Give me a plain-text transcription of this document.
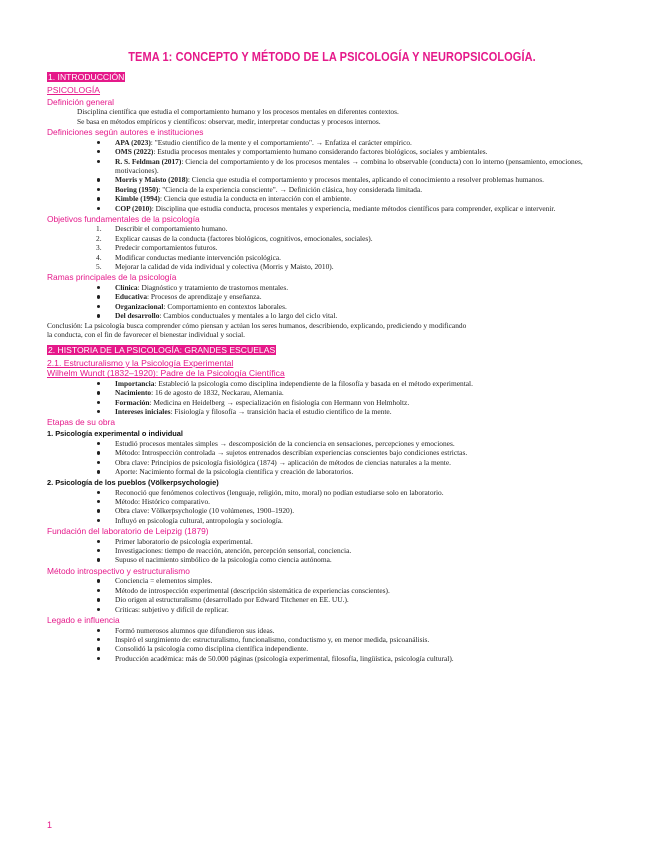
TEMA 1: CONCEPTO Y MÉTODO DE LA PSICOLOGÍA Y NEUROPSICOLOGÍA.
1. INTRODUCCIÓN
PSICOLOGÍA
Definición general
Disciplina científica que estudia el comportamiento humano y los procesos mentales en diferentes contextos.
Se basa en métodos empíricos y científicos: observar, medir, interpretar conductas y procesos internos.
Definiciones según autores e instituciones
APA (2023): "Estudio científico de la mente y el comportamiento". → Enfatiza el carácter empírico.
OMS (2022): Estudia procesos mentales y comportamiento humano considerando factores biológicos, sociales y ambientales.
R. S. Feldman (2017): Ciencia del comportamiento y de los procesos mentales → combina lo observable (conducta) con lo interno (pensamiento, emociones, motivaciones).
Morris y Maisto (2018): Ciencia que estudia el comportamiento y procesos mentales, aplicando el conocimiento a resolver problemas humanos.
Boring (1950): "Ciencia de la experiencia consciente". → Definición clásica, hoy considerada limitada.
Kimble (1994): Ciencia que estudia la conducta en interacción con el ambiente.
COP (2010): Disciplina que estudia conducta, procesos mentales y experiencia, mediante métodos científicos para comprender, explicar e intervenir.
Objetivos fundamentales de la psicología
1. Describir el comportamiento humano.
2. Explicar causas de la conducta (factores biológicos, cognitivos, emocionales, sociales).
3. Predecir comportamientos futuros.
4. Modificar conductas mediante intervención psicológica.
5. Mejorar la calidad de vida individual y colectiva (Morris y Maisto, 2010).
Ramas principales de la psicología
Clínica: Diagnóstico y tratamiento de trastornos mentales.
Educativa: Procesos de aprendizaje y enseñanza.
Organizacional: Comportamiento en contextos laborales.
Del desarrollo: Cambios conductuales y mentales a lo largo del ciclo vital.
Conclusión: La psicología busca comprender cómo piensan y actúan los seres humanos, describiendo, explicando, prediciendo y modificando
la conducta, con el fin de favorecer el bienestar individual y social.
2. HISTORIA DE LA PSICOLOGÍA: GRANDES ESCUELAS
2.1. Estructuralismo y la Psicología Experimental
Wilhelm Wundt (1832–1920): Padre de la Psicología Científica
Importancia: Estableció la psicología como disciplina independiente de la filosofía y basada en el método experimental.
Nacimiento: 16 de agosto de 1832, Neckarau, Alemania.
Formación: Medicina en Heidelberg → especialización en fisiología con Hermann von Helmholtz.
Intereses iniciales: Fisiología y filosofía → transición hacia el estudio científico de la mente.
Etapas de su obra
1. Psicología experimental o individual
Estudió procesos mentales simples → descomposición de la conciencia en sensaciones, percepciones y emociones.
Método: Introspección controlada → sujetos entrenados describían experiencias conscientes bajo condiciones estrictas.
Obra clave: Principios de psicología fisiológica (1874) → aplicación de métodos de ciencias naturales a la mente.
Aporte: Nacimiento formal de la psicología científica y creación de laboratorios.
2. Psicología de los pueblos (Völkerpsychologie)
Reconoció que fenómenos colectivos (lenguaje, religión, mito, moral) no podían estudiarse solo en laboratorio.
Método: Histórico comparativo.
Obra clave: Völkerpsychologie (10 volúmenes, 1900–1920).
Influyó en psicología cultural, antropología y sociología.
Fundación del laboratorio de Leipzig (1879)
Primer laboratorio de psicología experimental.
Investigaciones: tiempo de reacción, atención, percepción sensorial, conciencia.
Supuso el nacimiento simbólico de la psicología como ciencia autónoma.
Método introspectivo y estructuralismo
Conciencia = elementos simples.
Método de introspección experimental (descripción sistemática de experiencias conscientes).
Dio origen al estructuralismo (desarrollado por Edward Titchener en EE. UU.).
Críticas: subjetivo y difícil de replicar.
Legado e influencia
Formó numerosos alumnos que difundieron sus ideas.
Inspiró el surgimiento de: estructuralismo, funcionalismo, conductismo y, en menor medida, psicoanálisis.
Consolidó la psicología como disciplina científica independiente.
Producción académica: más de 50.000 páginas (psicología experimental, filosofía, lingüística, psicología cultural).
1
